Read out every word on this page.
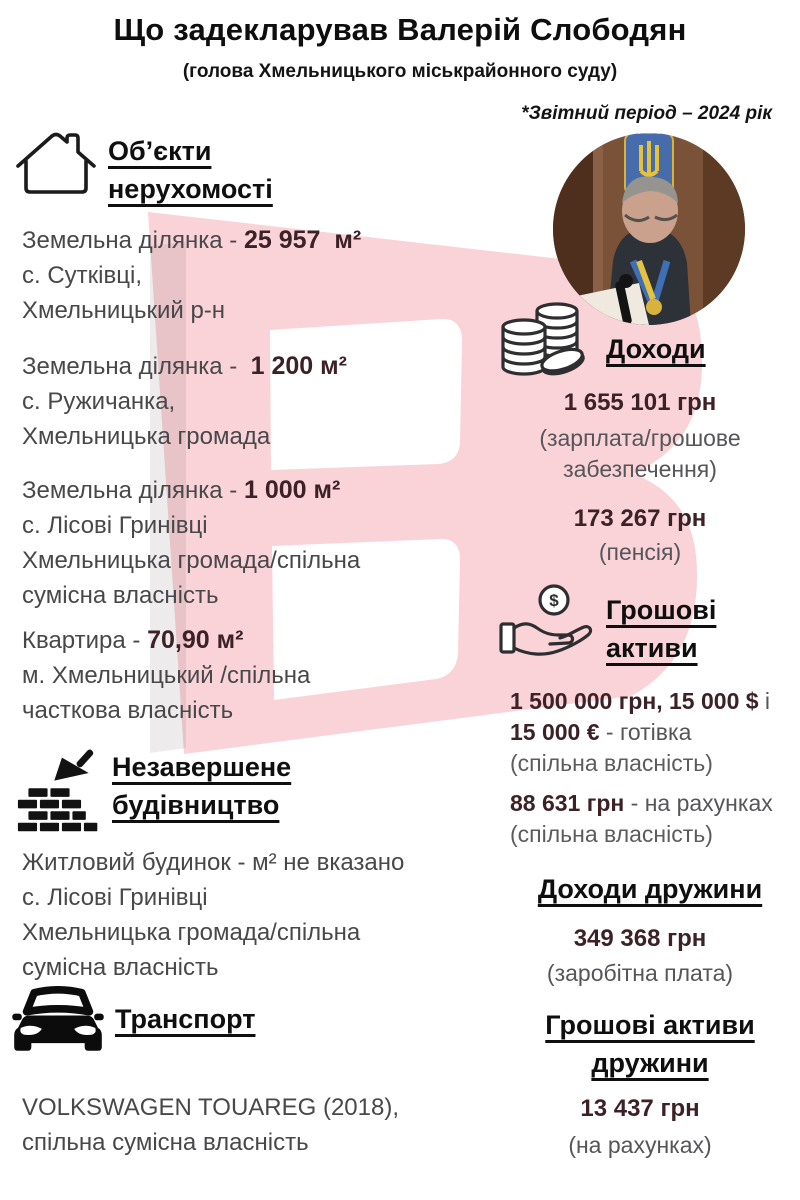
Що задекларував Валерій Слободян
(голова Хмельницького міськрайонного суду)
*Звітний період – 2024 рік
Об’єкти
нерухомості
Земельна ділянка - 25 957  м²
с. Сутківці,
Хмельницький р-н
Земельна ділянка -  1 200 м²
с. Ружичанка,
Хмельницька громада
Земельна ділянка - 1 000 м²
с. Лісові Гринівці
Хмельницька громада/спільна
сумісна власність
Квартира - 70,90 м²
м. Хмельницький /спільна
часткова власність
Незавершене
будівництво
Житловий будинок - м² не вказано
с. Лісові Гринівці
Хмельницька громада/спільна
сумісна власність
Транспорт
VOLKSWAGEN TOUAREG (2018),
спільна сумісна власність
Доходи
1 655 101 грн
(зарплата/грошове
забезпечення)
173 267 грн
(пенсія)
$ Грошові
активи
1 500 000 грн, 15 000 $ і
15 000 € - готівка
(спільна власність)
88 631 грн - на рахунках
(спільна власність)
Доходи дружини
349 368 грн
(заробітна плата)
Грошові активи
дружини
13 437 грн
(на рахунках)
